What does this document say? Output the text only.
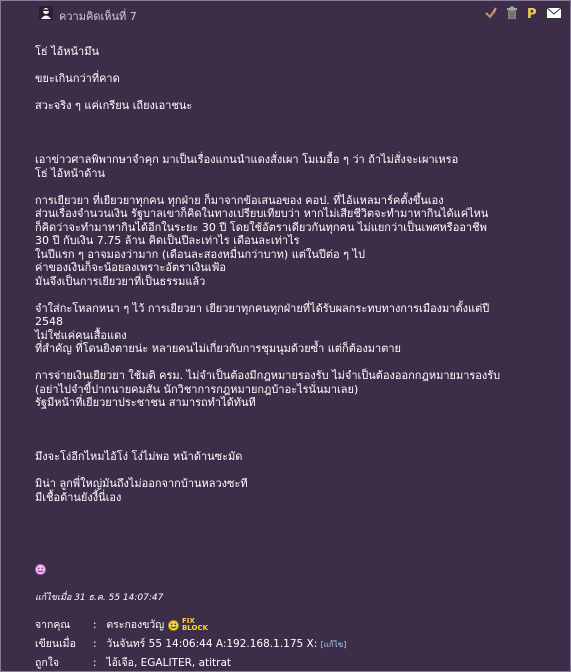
ความคิดเห็นที่ 7	P
โธ่ ไอ้หน้ามึน
ขยะเกินกว่าที่คาด
สวะจริง ๆ แค่เกรียน เถียงเอาชนะ
เอาข่าวศาลพิพากษาจำคุก มาเป็นเรื่องแกนนำแดงสั่งเผา โมเมอื้อ ๆ ว่า ถ้าไม่สั่งจะเผาเหรอ
โธ่ ไอ้หน้าด้าน
การเยียวยา ที่เยียวยาทุกคน ทุกฝ่าย ก็มาจากข้อเสนอของ คอป. ที่ไอ้แหลมาร์คตั้งขึ้นเอง
ส่วนเรื่องจำนวนเงิน รัฐบาลเขาก็คิดในทางเปรียบเทียบว่า หากไม่เสียชีวิตจะทำมาหากินได้แค่ไหน
ก็คิดว่าจะทำมาหากินได้อีกในระยะ 30 ปี โดยใช้อัตราเดียวกันทุกคน ไม่แยกว่าเป็นเพศหรืออาชีพ
30 ปี กับเงิน 7.75 ล้าน คิดเป็นปีละเท่าไร เดือนละเท่าไร
ในปีแรก ๆ อาจมองว่ามาก (เดือนละสองหมื่นกว่าบาท) แต่ในปีต่อ ๆ ไป
ค่าของเงินก็จะน้อยลงเพราะอัตราเงินเฟ้อ
มันจึงเป็นการเยียวยาที่เป็นธรรมแล้ว
จำใส่กะโหลกหนา ๆ ไว้ การเยียวยา เยียวยาทุกคนทุกฝ่ายที่ได้รับผลกระทบทางการเมืองมาตั้งแต่ปี
2548
ไม่ใช่แค่คนเสื้อแดง
ที่สำคัญ ที่โดนยิงตายน่ะ หลายคนไม่เกี่ยวกับการชุมนุมด้วยซ้ำ แต่ก็ต้องมาตาย
การจ่ายเงินเยียวยา ใช้มติ ครม. ไม่จำเป็นต้องมีกฎหมายรองรับ ไม่จำเป็นต้องออกกฎหมายมารองรับ
(อย่าไปจำขี้ปากนายคมสัน นักวิชาการกฎหมายกฎบ้าอะไรนั่นมาเลย)
รัฐมีหน้าที่เยียวยาประชาชน สามารถทำได้ทันที
มึงจะโง่อีกไหมไอ้โง่ โง่ไม่พอ หน้าด้านซะมัด
มิน่า ลูกพี่ใหญ่มันถึงไม่ออกจากบ้านหลวงซะที
มีเชื้อด้านยังงี้นี่เอง
แก้ไขเมื่อ 31 ธ.ค. 55 14:07:47
จากคุณ : ตระกองขวัญ	FIX
BLOCK
เขียนเมื่อ : วันจันทร์ 55 14:06:44 A:192.168.1.175 X: [แก้ไข]
ถูกใจ	: ไอ้เจือ, EGALITER, atitrat
